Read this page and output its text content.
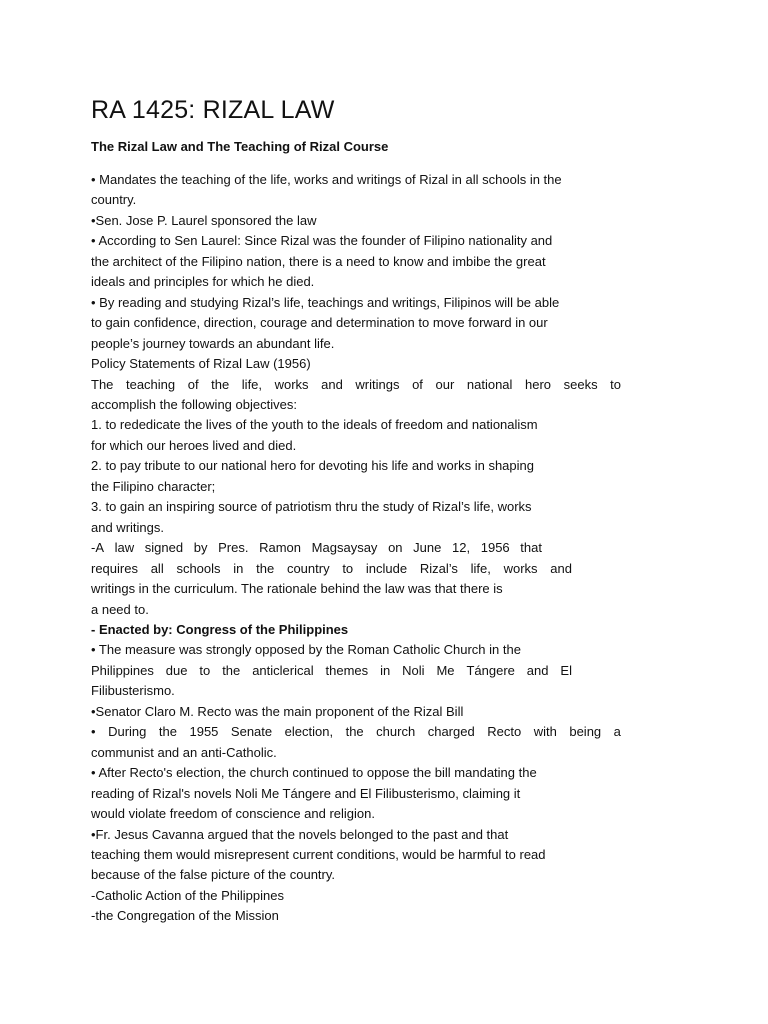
RA 1425: RIZAL LAW
The Rizal Law and The Teaching of Rizal Course
• Mandates the teaching of the life, works and writings of Rizal in all schools in the
country.
•Sen. Jose P. Laurel sponsored the law
• According to Sen Laurel: Since Rizal was the founder of Filipino nationality and
the architect of the Filipino nation, there is a need to know and imbibe the great
ideals and principles for which he died.
• By reading and studying Rizal’s life, teachings and writings, Filipinos will be able
to gain confidence, direction, courage and determination to move forward in our
people’s journey towards an abundant life.
Policy Statements of Rizal Law (1956)
The teaching of the life, works and writings of our national hero seeks to
accomplish the following objectives:
1. to rededicate the lives of the youth to the ideals of freedom and nationalism
for which our heroes lived and died.
2. to pay tribute to our national hero for devoting his life and works in shaping
the Filipino character;
3. to gain an inspiring source of patriotism thru the study of Rizal’s life, works
and writings.
-A law signed by Pres. Ramon Magsaysay on June 12, 1956 that
requires all schools in the country to include Rizal’s life, works and
writings in the curriculum. The rationale behind the law was that there is
a need to.
- Enacted by: Congress of the Philippines
• The measure was strongly opposed by the Roman Catholic Church in the
Philippines due to the anticlerical themes in Noli Me Tángere and El
Filibusterismo.
•Senator Claro M. Recto was the main proponent of the Rizal Bill
• During the 1955 Senate election, the church charged Recto with being a
communist and an anti-Catholic.
• After Recto's election, the church continued to oppose the bill mandating the
reading of Rizal's novels Noli Me Tángere and El Filibusterismo, claiming it
would violate freedom of conscience and religion.
•Fr. Jesus Cavanna argued that the novels belonged to the past and that
teaching them would misrepresent current conditions, would be harmful to read
because of the false picture of the country.
-Catholic Action of the Philippines
-the Congregation of the Mission
